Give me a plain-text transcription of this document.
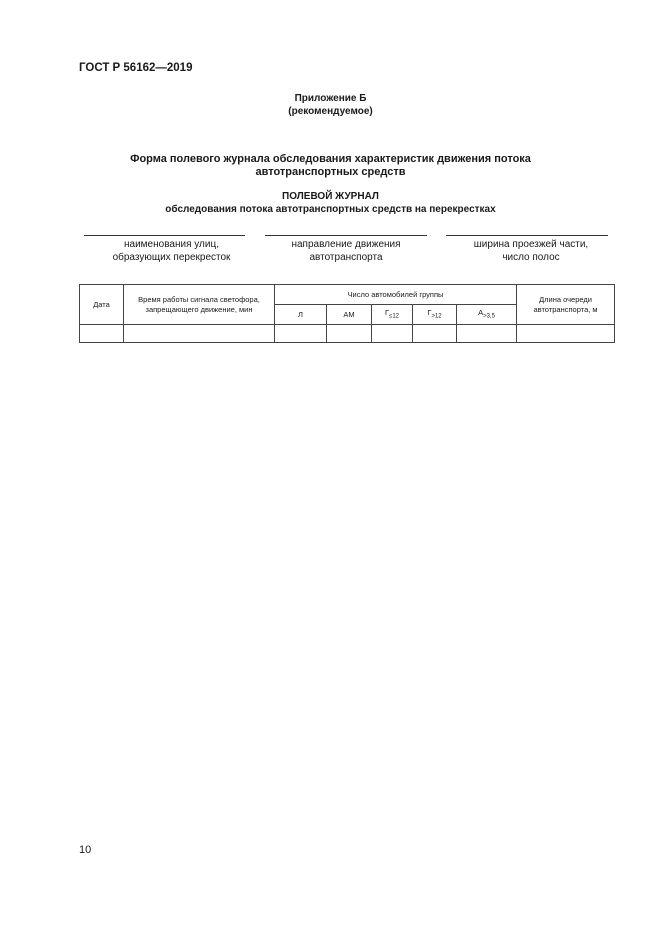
ГОСТ Р 56162—2019
Приложение Б
(рекомендуемое)
Форма полевого журнала обследования характеристик движения потока
автотранспортных средств
ПОЛЕВОЙ ЖУРНАЛ
обследования потока автотранспортных средств на перекрестках
наименования улиц,
образующих перекресток
направление движения
автотранспорта
ширина проезжей части,
число полос
Дата	Время работы сигнала светофора, запрещающего движение, мин	Число автомобилей группы					Длина очереди автотранспорта, м
		Л	АМ	$Г_{\le 12}$	$Г_{>12}$	$А_{>3,5}$

10
